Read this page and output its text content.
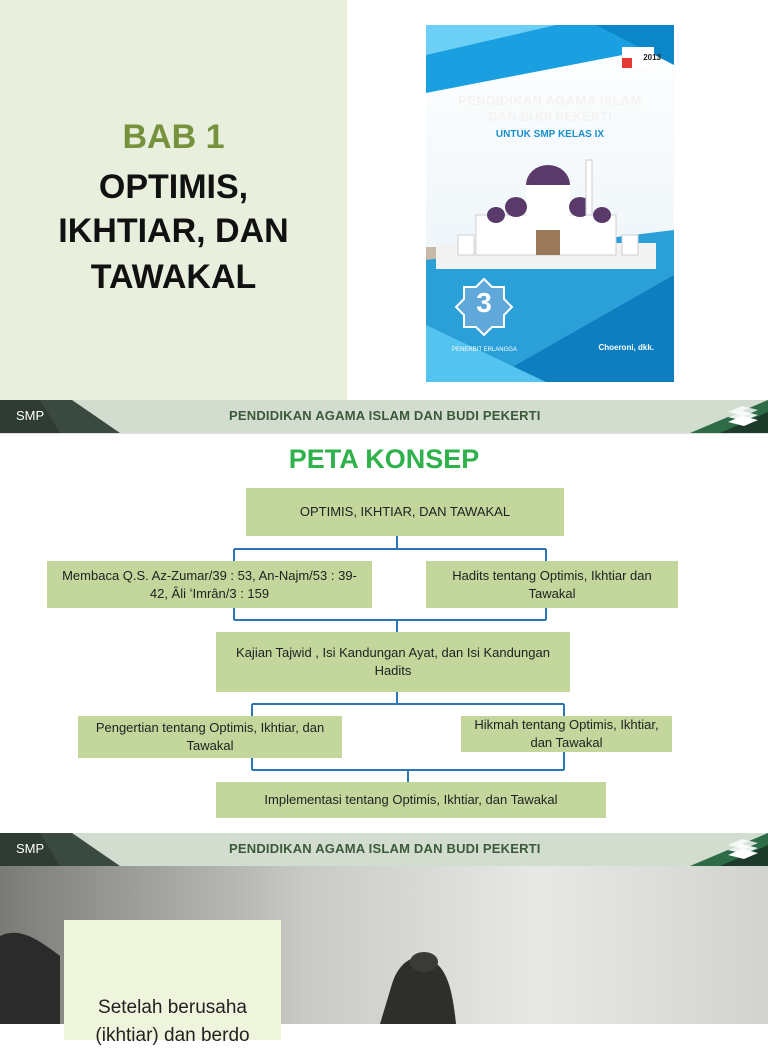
BAB 1
OPTIMIS,
IKHTIAR, DAN
TAWAKAL
PENDIDIKAN AGAMA ISLAM
DAN BUDI PEKERTI
UNTUK SMP KELAS IX
2013
3
PENERBIT ERLANGGA	Choeroni, dkk.
SMP	PENDIDIKAN AGAMA ISLAM DAN BUDI PEKERTI
PETA KONSEP
OPTIMIS, IKHTIAR, DAN TAWAKAL
Membaca Q.S. Az-Zumar/39 : 53, An-Najm/53 : 39-42, Ȃli ʻImrȃn/3 : 159
Hadits tentang Optimis, Ikhtiar dan Tawakal
Kajian Tajwid , Isi Kandungan Ayat, dan Isi Kandungan Hadits
Pengertian tentang Optimis, Ikhtiar, dan Tawakal
Hikmah tentang Optimis, Ikhtiar, dan Tawakal
Implementasi tentang Optimis, Ikhtiar, dan Tawakal
SMP	PENDIDIKAN AGAMA ISLAM DAN BUDI PEKERTI
Setelah berusaha
(ikhtiar) dan berdo
